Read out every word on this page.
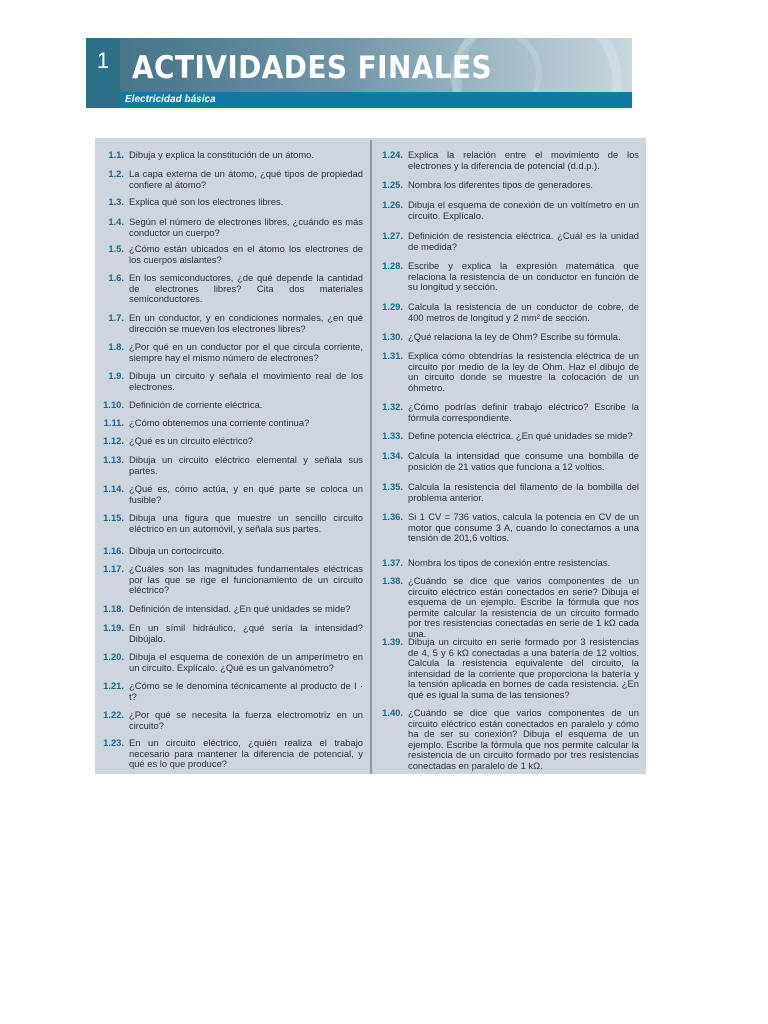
1 ACTIVIDADES FINALES
Electricidad básica
1.1. Dibuja y explica la constitución de un átomo.
1.2. La capa externa de un átomo, ¿qué tipos de propiedad confiere al átomo?
1.3. Explica qué son los electrones libres.
1.4. Según el número de electrones libres, ¿cuándo es más conductor un cuerpo?
1.5. ¿Cómo están ubicados en el átomo los electrones de los cuerpos aislantes?
1.6. En los semiconductores, ¿de qué depende la cantidad de electrones libres? Cita dos materiales semiconductores.
1.7. En un conductor, y en condiciones normales, ¿en qué dirección se mueven los electrones libres?
1.8. ¿Por qué en un conductor por el que circula corriente, siempre hay el mismo número de electrones?
1.9. Dibuja un circuito y señala el movimiento real de los electrones.
1.10. Definición de corriente eléctrica.
1.11. ¿Cómo obtenemos una corriente continua?
1.12. ¿Qué es un circuito eléctrico?
1.13. Dibuja un circuito eléctrico elemental y señala sus partes.
1.14. ¿Qué es, cómo actúa, y en qué parte se coloca un fusible?
1.15. Dibuja una figura que muestre un sencillo circuito eléctrico en un automóvil, y señala sus partes.
1.16. Dibuja un cortocircuito.
1.17. ¿Cuáles son las magnitudes fundamentales eléctricas por las que se rige el funcionamiento de un circuito eléctrico?
1.18. Definición de intensidad. ¿En qué unidades se mide?
1.19. En un símil hidráulico, ¿qué sería la intensidad? Dibújalo.
1.20. Dibuja el esquema de conexión de un amperímetro en un circuito. Explícalo. ¿Qué es un galvanómetro?
1.21. ¿Cómo se le denomina técnicamente al producto de I · t?
1.22. ¿Por qué se necesita la fuerza electromotriz en un circuito?
1.23. En un circuito eléctrico, ¿quién realiza el trabajo necesario para mantener la diferencia de potencial, y qué es lo que produce?
1.24. Explica la relación entre el movimiento de los electrones y la diferencia de potencial (d.d.p.).
1.25. Nombra los diferentes tipos de generadores.
1.26. Dibuja el esquema de conexión de un voltímetro en un circuito. Explícalo.
1.27. Definición de resistencia eléctrica. ¿Cuál es la unidad de medida?
1.28. Escribe y explica la expresión matemática que relaciona la resistencia de un conductor en función de su longitud y sección.
1.29. Calcula la resistencia de un conductor de cobre, de 400 metros de longitud y 2 mm² de sección.
1.30. ¿Qué relaciona la ley de Ohm? Escribe su fórmula.
1.31. Explica cómo obtendrías la resistencia eléctrica de un circuito por medio de la ley de Ohm. Haz el dibujo de un circuito donde se muestre la colocación de un óhmetro.
1.32. ¿Cómo podrías definir trabajo eléctrico? Escribe la fórmula correspondiente.
1.33. Define potencia eléctrica. ¿En qué unidades se mide?
1.34. Calcula la intensidad que consume una bombilla de posición de 21 vatios que funciona a 12 voltios.
1.35. Calcula la resistencia del filamento de la bombilla del problema anterior.
1.36. Si 1 CV = 736 vatios, calcula la potencia en CV de un motor que consume 3 A, cuando lo conectamos a una tensión de 201,6 voltios.
1.37. Nombra los tipos de conexión entre resistencias.
1.38. ¿Cuándo se dice que varios componentes de un circuito eléctrico están conectados en serie? Dibuja el esquema de un ejemplo. Escribe la fórmula que nos permite calcular la resistencia de un circuito formado por tres resistencias conectadas en serie de 1 kΩ cada una.
1.39. Dibuja un circuito en serie formado por 3 resistencias de 4, 5 y 6 kΩ conectadas a una batería de 12 voltios. Calcula la resistencia equivalente del circuito, la intensidad de la corriente que proporciona la batería y la tensión aplicada en bornes de cada resistencia. ¿En qué es igual la suma de las tensiones?
1.40. ¿Cuándo se dice que varios componentes de un circuito eléctrico están conectados en paralelo y cómo ha de ser su conexión? Dibuja el esquema de un ejemplo. Escribe la fórmula que nos permite calcular la resistencia de un circuito formado por tres resistencias conectadas en paralelo de 1 kΩ.
